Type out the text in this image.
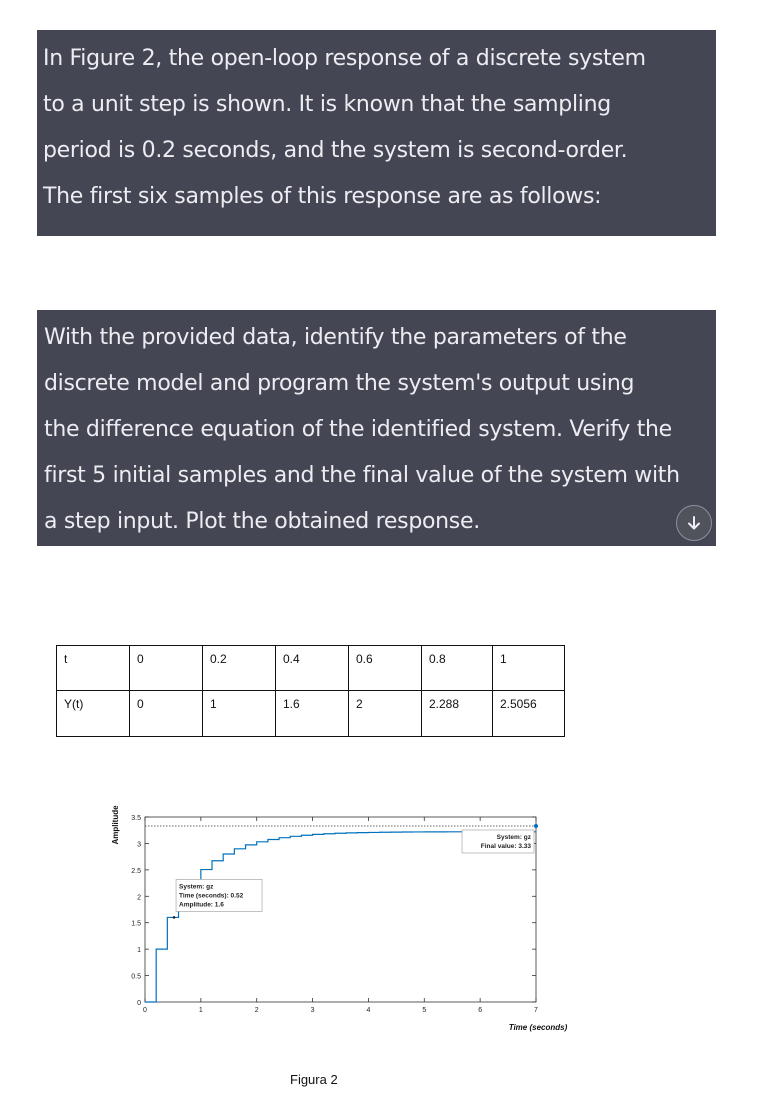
In Figure 2, the open-loop response of a discrete system
to a unit step is shown. It is known that the sampling
period is 0.2 seconds, and the system is second-order.
The first six samples of this response are as follows:

With the provided data, identify the parameters of the
discrete model and program the system's output using
the difference equation of the identified system. Verify the
first 5 initial samples and the final value of the system with
a step input. Plot the obtained response.

t	0	0.2	0.4	0.6	0.8	1
Y(t)	0	1	1.6	2	2.288	2.5056
0	1	2	3	4	5	6	7
0
0.5
1
1.5
2
2.5
3
3.5
Time (seconds)
Amplitude
System: gz
Time (seconds): 0.52
Amplitude: 1.6
System: gz
Final value: 3.33
Figura 2
